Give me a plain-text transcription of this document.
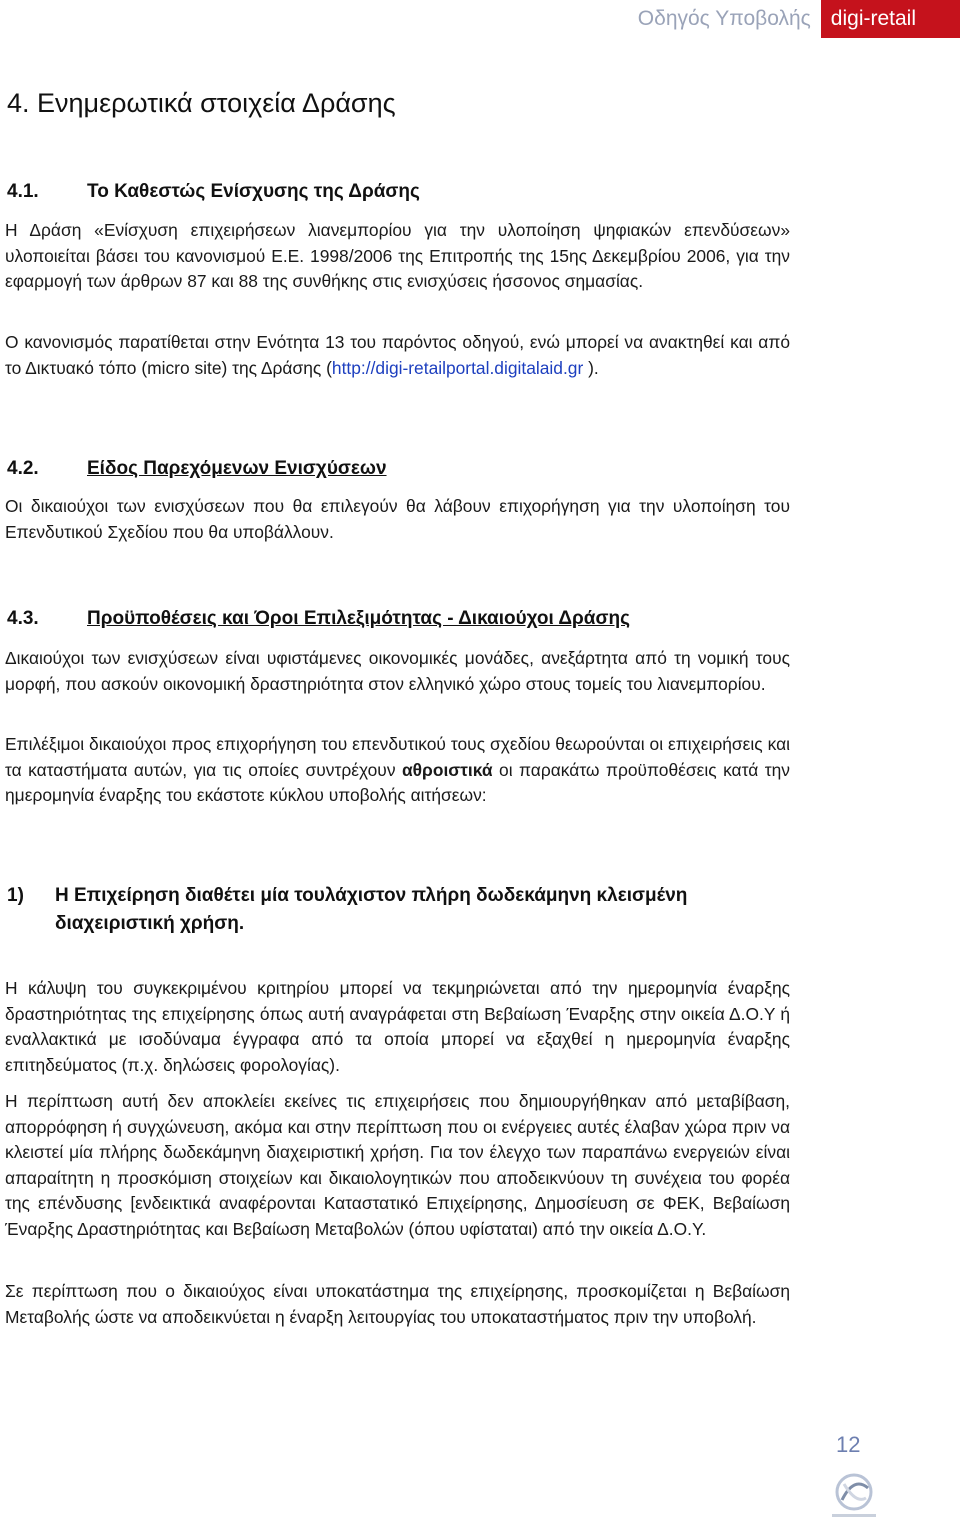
Οδηγός Υποβολής digi-retail
4. Ενημερωτικά στοιχεία Δράσης
4.1.	Το Καθεστώς Ενίσχυσης της Δράσης

Η Δράση «Ενίσχυση επιχειρήσεων λιανεμπορίου για την υλοποίηση ψηφιακών επενδύσεων» υλοποιείται βάσει του κανονισμού Ε.Ε. 1998/2006 της Επιτροπής της 15ης Δεκεμβρίου 2006, για την εφαρμογή των άρθρων 87 και 88 της συνθήκης στις ενισχύσεις ήσσονος σημασίας.

Ο κανονισμός παρατίθεται στην Ενότητα 13 του παρόντος οδηγού, ενώ μπορεί να ανακτηθεί και από το Δικτυακό τόπο (micro site) της Δράσης (http://digi-retailportal.digitalaid.gr ).

4.2.	Είδος Παρεχόμενων Ενισχύσεων

Οι δικαιούχοι των ενισχύσεων που θα επιλεγούν θα λάβουν επιχορήγηση για την υλοποίηση του Επενδυτικού Σχεδίου που θα υποβάλλουν.

4.3.	Προϋποθέσεις και Όροι Επιλεξιμότητας - Δικαιούχοι Δράσης

Δικαιούχοι των ενισχύσεων είναι υφιστάμενες οικονομικές μονάδες, ανεξάρτητα από τη νομική τους μορφή, που ασκούν οικονομική δραστηριότητα στον ελληνικό χώρο στους τομείς του λιανεμπορίου.

Επιλέξιμοι δικαιούχοι προς επιχορήγηση του επενδυτικού τους σχεδίου θεωρούνται οι επιχειρήσεις και τα καταστήματα αυτών, για τις οποίες συντρέχουν αθροιστικά οι παρακάτω προϋποθέσεις κατά την ημερομηνία έναρξης του εκάστοτε κύκλου υποβολής αιτήσεων:

1)	Η Επιχείρηση διαθέτει μία τουλάχιστον πλήρη δωδεκάμηνη κλεισμένη διαχειριστική χρήση.

Η κάλυψη του συγκεκριμένου κριτηρίου μπορεί να τεκμηριώνεται από την ημερομηνία έναρξης δραστηριότητας της επιχείρησης όπως αυτή αναγράφεται στη Βεβαίωση Έναρξης στην οικεία Δ.Ο.Υ ή εναλλακτικά με ισοδύναμα έγγραφα από τα οποία μπορεί να εξαχθεί η ημερομηνία έναρξης επιτηδεύματος (π.χ. δηλώσεις φορολογίας).

Η περίπτωση αυτή δεν αποκλείει εκείνες τις επιχειρήσεις που δημιουργήθηκαν από μεταβίβαση, απορρόφηση ή συγχώνευση, ακόμα και στην περίπτωση που οι ενέργειες αυτές έλαβαν χώρα πριν να κλειστεί μία πλήρης δωδεκάμηνη διαχειριστική χρήση. Για τον έλεγχο των παραπάνω ενεργειών είναι απαραίτητη η προσκόμιση στοιχείων και δικαιολογητικών που αποδεικνύουν τη συνέχεια του φορέα της επένδυσης [ενδεικτικά αναφέρονται Καταστατικό Επιχείρησης, Δημοσίευση σε ΦΕΚ, Βεβαίωση Έναρξης Δραστηριότητας και Βεβαίωση Μεταβολών (όπου υφίσταται) από την οικεία Δ.Ο.Υ.

Σε περίπτωση που ο δικαιούχος είναι υποκατάστημα της επιχείρησης, προσκομίζεται η Βεβαίωση Μεταβολής ώστε να αποδεικνύεται η έναρξη λειτουργίας του υποκαταστήματος πριν την υποβολή.

12
